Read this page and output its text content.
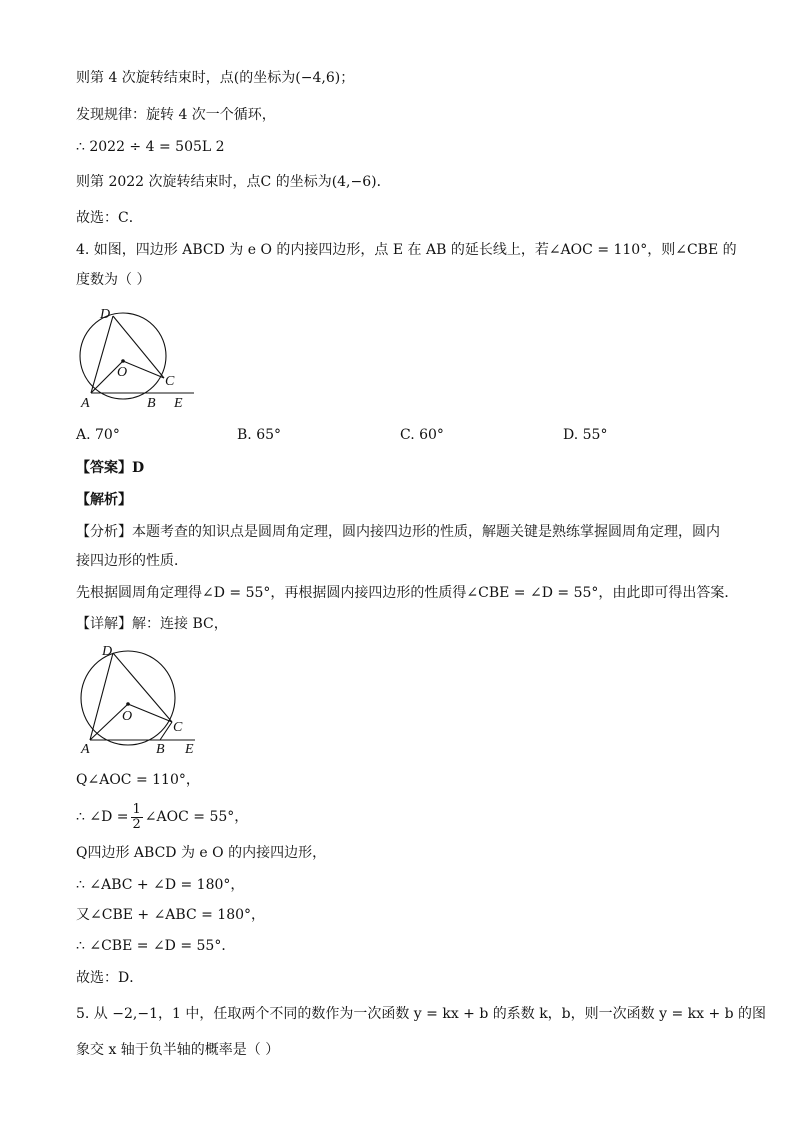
则第 4 次旋转结束时，点(的坐标为(−4,6)；
发现规律：旋转 4 次一个循环，
∴ 2022 ÷ 4 = 505L 2
则第 2022 次旋转结束时，点C 的坐标为(4,−6)．
故选：C．
4. 如图，四边形 ABCD 为 e O 的内接四边形，点 E 在 AB 的延长线上，若∠AOC = 110°，则∠CBE 的
度数为（ ）
D
O
C
A	B E
A. 70°	B. 65°	C. 60°	D. 55°
【答案】D
【解析】
【分析】本题考查的知识点是圆周角定理，圆内接四边形的性质，解题关键是熟练掌握圆周角定理，圆内
接四边形的性质．
先根据圆周角定理得∠D = 55°，再根据圆内接四边形的性质得∠CBE = ∠D = 55°，由此即可得出答案．
【详解】解：连接 BC，
D
O
C
A	B E
Q∠AOC = 110°，
∴ ∠D = $\frac{1}{2}$ ∠AOC = 55°，
Q四边形 ABCD 为 e O 的内接四边形，
∴ ∠ABC + ∠D = 180°，
又∠CBE + ∠ABC = 180°，
∴ ∠CBE = ∠D = 55°．
故选：D．
5. 从 −2,−1，1 中，任取两个不同的数作为一次函数 y = kx + b 的系数 k，b，则一次函数 y = kx + b 的图
象交 x 轴于负半轴的概率是（ ）
